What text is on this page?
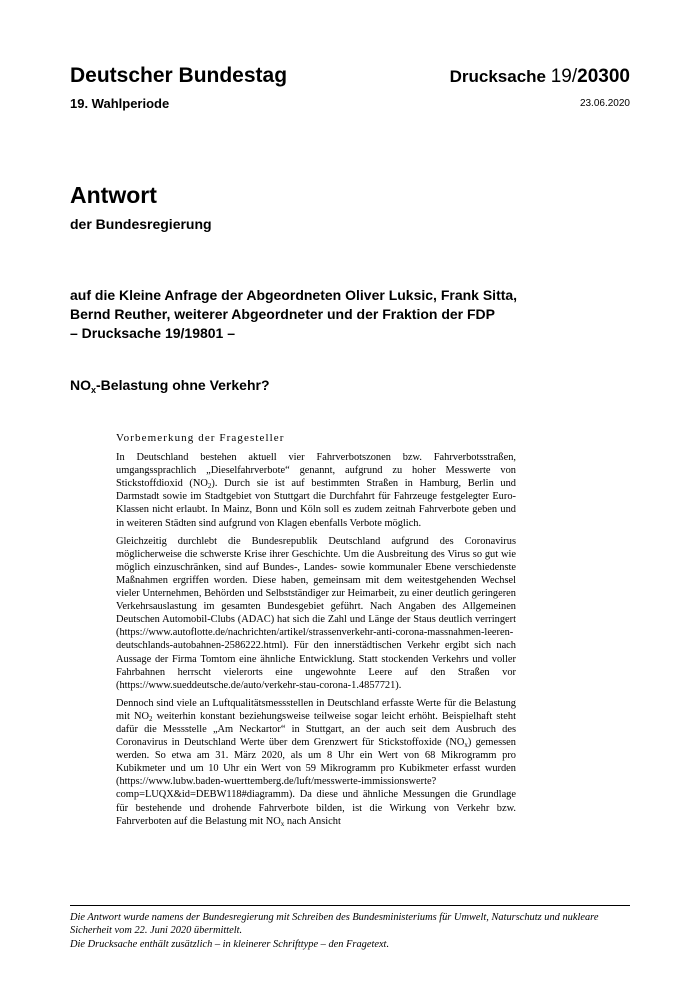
Deutscher Bundestag
19. Wahlperiode
Drucksache 19/20300
23.06.2020
Antwort
der Bundesregierung
auf die Kleine Anfrage der Abgeordneten Oliver Luksic, Frank Sitta,
Bernd Reuther, weiterer Abgeordneter und der Fraktion der FDP
– Drucksache 19/19801 –
$NO_x$-Belastung ohne Verkehr?
Vorbemerkung der Fragesteller

In Deutschland bestehen aktuell vier Fahrverbotszonen bzw. Fahrverbotsstraßen, umgangssprachlich „Dieselfahrverbote“ genannt, aufgrund zu hoher Messwerte von Stickstoffdioxid $(NO_2)$. Durch sie ist auf bestimmten Straßen in Hamburg, Berlin und Darmstadt sowie im Stadtgebiet von Stuttgart die Durchfahrt für Fahrzeuge festgelegter Euro-Klassen nicht erlaubt. In Mainz, Bonn und Köln soll es zudem zeitnah Fahrverbote geben und in weiteren Städten sind aufgrund von Klagen ebenfalls Verbote möglich.

Gleichzeitig durchlebt die Bundesrepublik Deutschland aufgrund des Coronavirus möglicherweise die schwerste Krise ihrer Geschichte. Um die Ausbreitung des Virus so gut wie möglich einzuschränken, sind auf Bundes-, Landes- sowie kommunaler Ebene verschiedenste Maßnahmen ergriffen worden. Diese haben, gemeinsam mit dem weitestgehenden Wechsel vieler Unternehmen, Behörden und Selbstständiger zur Heimarbeit, zu einer deutlich geringeren Verkehrsauslastung im gesamten Bundesgebiet geführt. Nach Angaben des Allgemeinen Deutschen Automobil-Clubs (ADAC) hat sich die Zahl und Länge der Staus deutlich verringert (https://www.autoflotte.de/nachrichten/artikel/strassenverkehr-anti-corona-massnahmen-leeren-deutschlands-autobahnen-2586222.html). Für den innerstädtischen Verkehr ergibt sich nach Aussage der Firma Tomtom eine ähnliche Entwicklung. Statt stockenden Verkehrs und voller Fahrbahnen herrscht vielerorts eine ungewohnte Leere auf den Straßen vor (https://www.sueddeutsche.de/auto/verkehr-stau-corona-1.4857721).

Dennoch sind viele an Luftqualitätsmessstellen in Deutschland erfasste Werte für die Belastung mit $NO_2$ weiterhin konstant beziehungsweise teilweise sogar leicht erhöht. Beispielhaft steht dafür die Messstelle „Am Neckartor“ in Stuttgart, an der auch seit dem Ausbruch des Coronavirus in Deutschland Werte über dem Grenzwert für Stickstoffoxide $(NO_x)$ gemessen werden. So etwa am 31. März 2020, als um 8 Uhr ein Wert von 68 Mikrogramm pro Kubikmeter und um 10 Uhr ein Wert von 59 Mikrogramm pro Kubikmeter erfasst wurden (https://www.lubw.baden-wuerttemberg.de/luft/messwerte-immissionswerte?comp=LUQX&id=DEBW118#diagramm). Da diese und ähnliche Messungen die Grundlage für bestehende und drohende Fahrverbote bilden, ist die Wirkung von Verkehr bzw. Fahrverboten auf die Belastung mit $NO_x$ nach Ansicht

Die Antwort wurde namens der Bundesregierung mit Schreiben des Bundesministeriums für Umwelt, Naturschutz und nukleare Sicherheit vom 22. Juni 2020 übermittelt.

Die Drucksache enthält zusätzlich – in kleinerer Schrifttype – den Fragetext.
